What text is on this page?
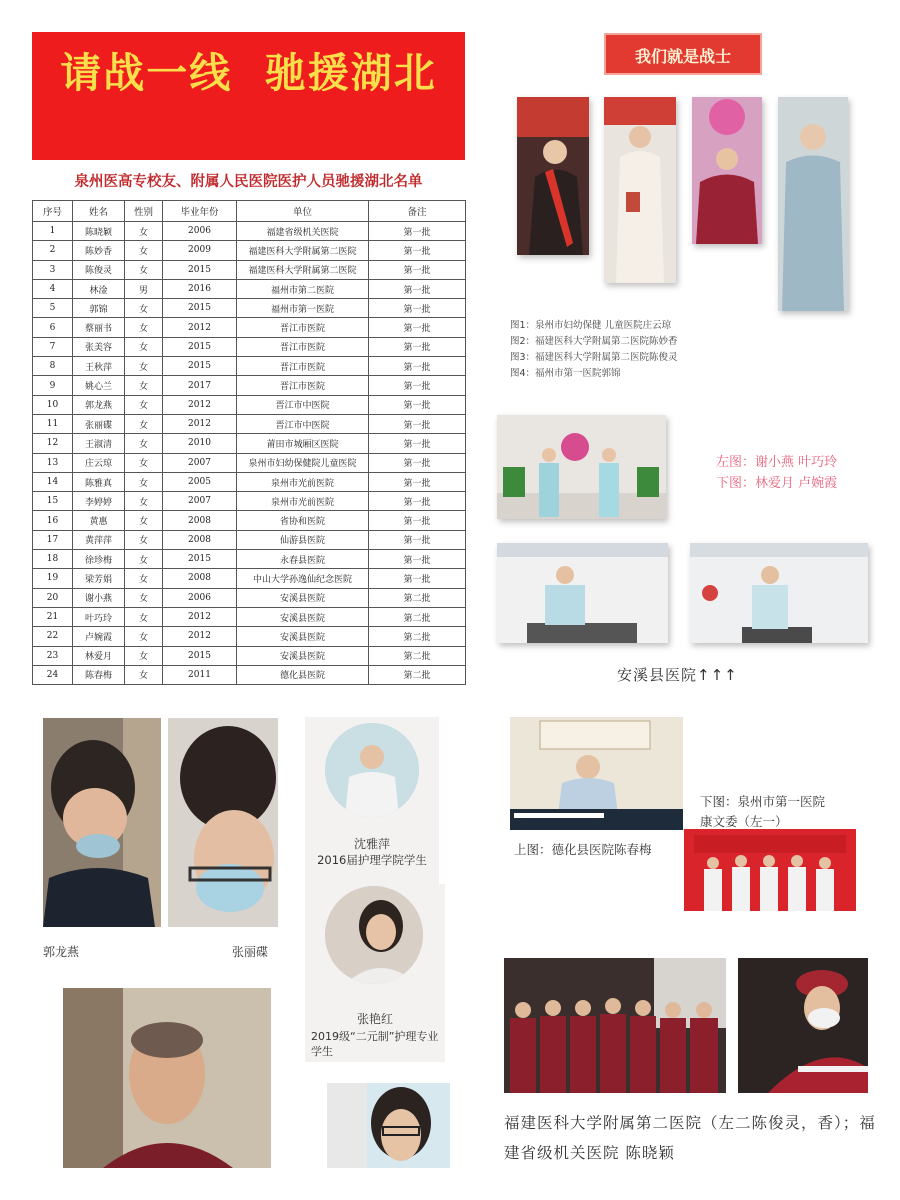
请战一线  驰援湖北
泉州医高专校友、附属人民医院医护人员驰援湖北名单
序号	姓名	性别	毕业年份	单位	备注
1	陈晓颖	女	2006	福建省级机关医院	第一批
2	陈妙香	女	2009	福建医科大学附属第二医院	第一批
3	陈俊灵	女	2015	福建医科大学附属第二医院	第一批
4	林淦	男	2016	福州市第二医院	第一批
5	郭锦	女	2015	福州市第一医院	第一批
6	蔡丽书	女	2012	晋江市医院	第一批
7	张美容	女	2015	晋江市医院	第一批
8	王秋萍	女	2015	晋江市医院	第一批
9	姚心兰	女	2017	晋江市医院	第一批
10	郭龙燕	女	2012	晋江市中医院	第一批
11	张丽碟	女	2012	晋江市中医院	第一批
12	王淑清	女	2010	莆田市城厢区医院	第一批
13	庄云琼	女	2007	泉州市妇幼保健院儿童医院	第一批
14	陈雅真	女	2005	泉州市光前医院	第一批
15	李婷婷	女	2007	泉州市光前医院	第一批
16	黄惠	女	2008	省协和医院	第一批
17	黄萍萍	女	2008	仙游县医院	第一批
18	徐珍梅	女	2015	永春县医院	第一批
19	梁芳娟	女	2008	中山大学孙逸仙纪念医院	第一批
20	谢小燕	女	2006	安溪县医院	第二批
21	叶巧玲	女	2012	安溪县医院	第二批
22	卢婉霞	女	2012	安溪县医院	第二批
23	林爱月	女	2015	安溪县医院	第二批
24	陈春梅	女	2011	德化县医院	第二批
我们就是战士
图1：泉州市妇幼保健 儿童医院庄云琼
图2：福建医科大学附属第二医院陈妙香
图3：福建医科大学附属第二医院陈俊灵
图4：福州市第一医院郭锦
左图：谢小燕 叶巧玲
下图：林爱月 卢婉霞
安溪县医院↑↑↑
郭龙燕	张丽碟
沈雅萍
2016届护理学院学生
张艳红
2019级“二元制”护理专业学生
上图：德化县医院陈春梅
下图：泉州市第一医院康文委（左一）
福建医科大学附属第二医院（左二陈俊灵，香）；福建省级机关医院 陈晓颖
